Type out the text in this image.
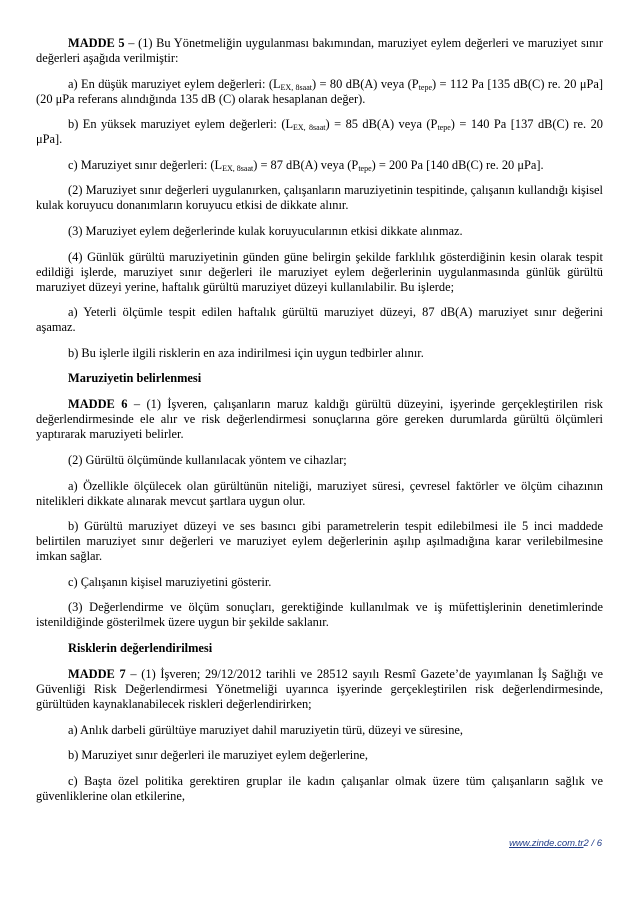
MADDE 5 – (1) Bu Yönetmeliğin uygulanması bakımından, maruziyet eylem değerleri ve maruziyet sınır değerleri aşağıda verilmiştir:

a) En düşük maruziyet eylem değerleri: $(L_{EX, 8saat}) = 80$ dB(A) veya $(P_{tepe}) = 112$ Pa [135 dB(C) re. 20 μPa] (20 μPa referans alındığında 135 dB (C) olarak hesaplanan değer).

b) En yüksek maruziyet eylem değerleri: $(L_{EX, 8saat}) = 85$ dB(A) veya $(P_{tepe}) = 140$ Pa [137 dB(C) re. 20 μPa].

c) Maruziyet sınır değerleri: $(L_{EX, 8saat}) = 87$ dB(A) veya $(P_{tepe}) = 200$ Pa [140 dB(C) re. 20 μPa].

(2) Maruziyet sınır değerleri uygulanırken, çalışanların maruziyetinin tespitinde, çalışanın kullandığı kişisel kulak koruyucu donanımların koruyucu etkisi de dikkate alınır.

(3) Maruziyet eylem değerlerinde kulak koruyucularının etkisi dikkate alınmaz.

(4) Günlük gürültü maruziyetinin günden güne belirgin şekilde farklılık gösterdiğinin kesin olarak tespit edildiği işlerde, maruziyet sınır değerleri ile maruziyet eylem değerlerinin uygulanmasında günlük gürültü maruziyet düzeyi yerine, haftalık gürültü maruziyet düzeyi kullanılabilir. Bu işlerde;

a) Yeterli ölçümle tespit edilen haftalık gürültü maruziyet düzeyi, 87 dB(A) maruziyet sınır değerini aşamaz.

b) Bu işlerle ilgili risklerin en aza indirilmesi için uygun tedbirler alınır.

Maruziyetin belirlenmesi

MADDE 6 – (1) İşveren, çalışanların maruz kaldığı gürültü düzeyini, işyerinde gerçekleştirilen risk değerlendirmesinde ele alır ve risk değerlendirmesi sonuçlarına göre gereken durumlarda gürültü ölçümleri yaptırarak maruziyeti belirler.

(2) Gürültü ölçümünde kullanılacak yöntem ve cihazlar;

a) Özellikle ölçülecek olan gürültünün niteliği, maruziyet süresi, çevresel faktörler ve ölçüm cihazının nitelikleri dikkate alınarak mevcut şartlara uygun olur.

b) Gürültü maruziyet düzeyi ve ses basıncı gibi parametrelerin tespit edilebilmesi ile 5 inci maddede belirtilen maruziyet sınır değerleri ve maruziyet eylem değerlerinin aşılıp aşılmadığına karar verilebilmesine imkan sağlar.

c) Çalışanın kişisel maruziyetini gösterir.

(3) Değerlendirme ve ölçüm sonuçları, gerektiğinde kullanılmak ve iş müfettişlerinin denetimlerinde istenildiğinde gösterilmek üzere uygun bir şekilde saklanır.

Risklerin değerlendirilmesi

MADDE 7 – (1) İşveren; 29/12/2012 tarihli ve 28512 sayılı Resmî Gazete’de yayımlanan İş Sağlığı ve Güvenliği Risk Değerlendirmesi Yönetmeliği uyarınca işyerinde gerçekleştirilen risk değerlendirmesinde, gürültüden kaynaklanabilecek riskleri değerlendirirken;

a) Anlık darbeli gürültüye maruziyet dahil maruziyetin türü, düzeyi ve süresine,

b) Maruziyet sınır değerleri ile maruziyet eylem değerlerine,

c) Başta özel politika gerektiren gruplar ile kadın çalışanlar olmak üzere tüm çalışanların sağlık ve güvenliklerine olan etkilerine,

www.zinde.com.tr2 / 6
